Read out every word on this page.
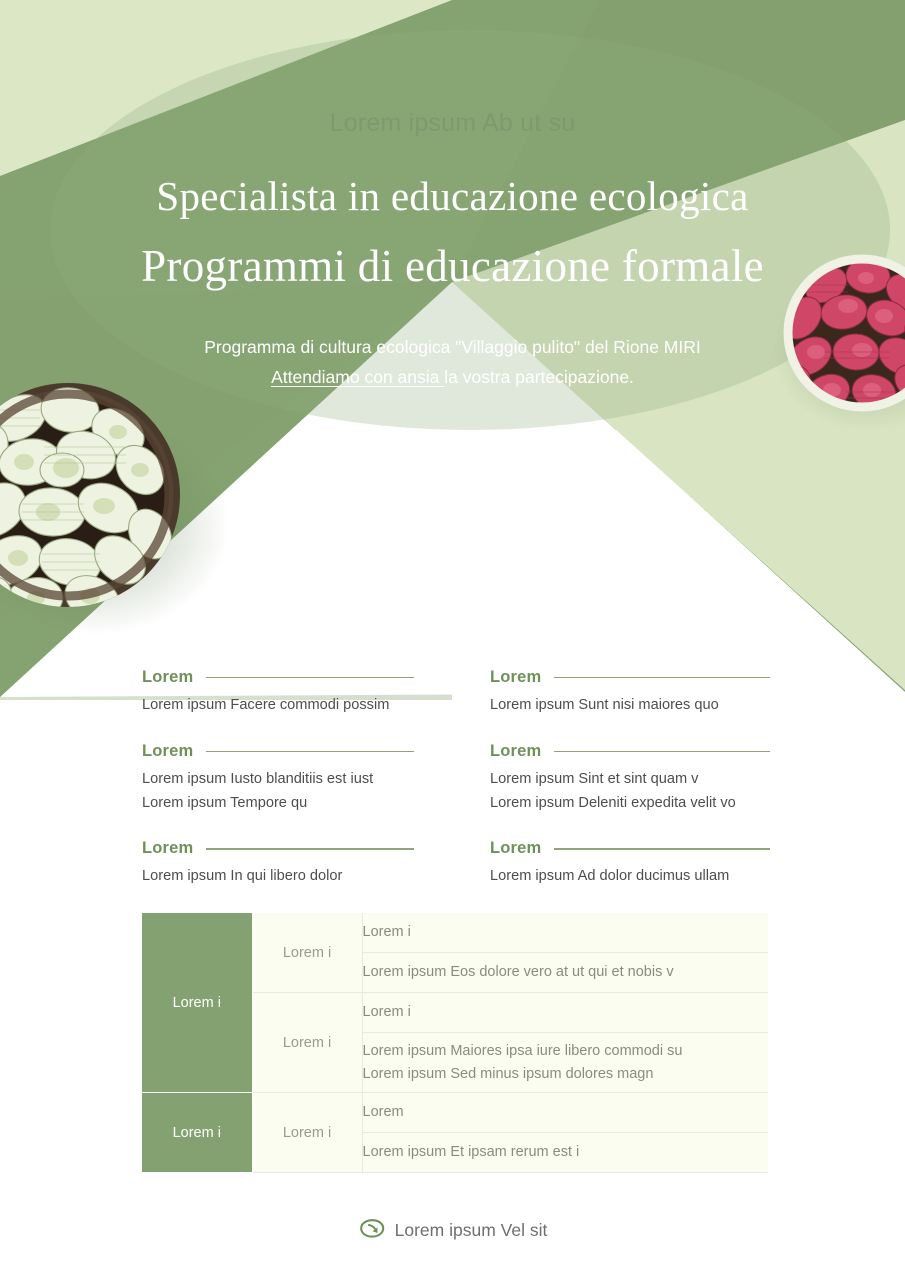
Lorem ipsum Ab ut su

Specialista in educazione ecologica
Programmi di educazione formale

Programma di cultura ecologica "Villaggio pulito" del Rione MIRI
Attendiamo con ansia la vostra partecipazione.

Lorem
Lorem ipsum Facere commodi possim
Lorem
Lorem ipsum Sunt nisi maiores quo
Lorem
Lorem ipsum Iusto blanditiis est iust
Lorem ipsum Tempore qu
Lorem
Lorem ipsum Sint et sint quam v
Lorem ipsum Deleniti expedita velit vo
Lorem
Lorem ipsum In qui libero dolor
Lorem
Lorem ipsum Ad dolor ducimus ullam
Lorem i	Lorem i	Lorem i
		Lorem ipsum Eos dolore vero at ut qui et nobis v
	Lorem i	Lorem i

		Lorem ipsum Maiores ipsa iure libero commodi su
Lorem ipsum Sed minus ipsum dolores magn

Lorem i	Lorem i	Lorem
		Lorem ipsum Et ipsam rerum est i
Lorem ipsum Vel sit
